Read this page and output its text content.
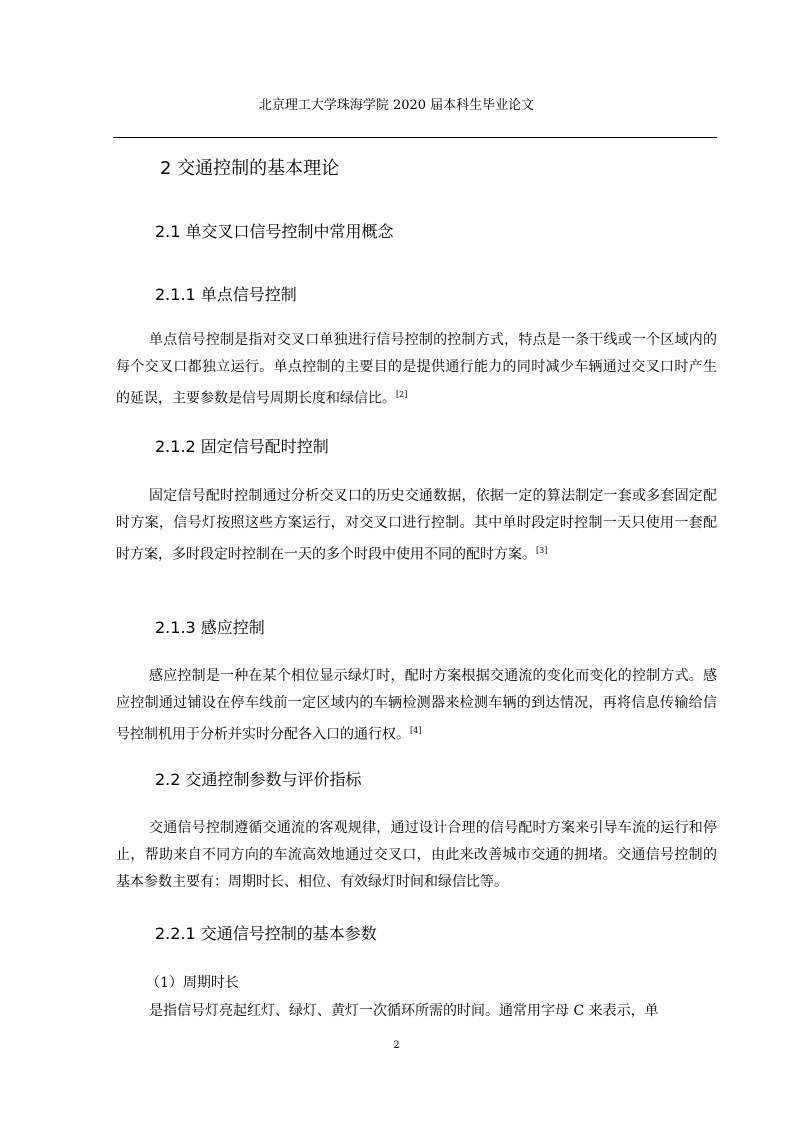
北京理工大学珠海学院 2020 届本科生毕业论文
2 交通控制的基本理论
2.1 单交叉口信号控制中常用概念
2.1.1 单点信号控制
单点信号控制是指对交叉口单独进行信号控制的控制方式，特点是一条干线或一个区域内的每个交叉口都独立运行。单点控制的主要目的是提供通行能力的同时减少车辆通过交叉口时产生的延误，主要参数是信号周期长度和绿信比。[2]
2.1.2 固定信号配时控制
固定信号配时控制通过分析交叉口的历史交通数据，依据一定的算法制定一套或多套固定配时方案，信号灯按照这些方案运行，对交叉口进行控制。其中单时段定时控制一天只使用一套配时方案，多时段定时控制在一天的多个时段中使用不同的配时方案。[3]
2.1.3 感应控制
感应控制是一种在某个相位显示绿灯时，配时方案根据交通流的变化而变化的控制方式。感应控制通过铺设在停车线前一定区域内的车辆检测器来检测车辆的到达情况，再将信息传输给信号控制机用于分析并实时分配各入口的通行权。[4]
2.2 交通控制参数与评价指标
交通信号控制遵循交通流的客观规律，通过设计合理的信号配时方案来引导车流的运行和停止，帮助来自不同方向的车流高效地通过交叉口，由此来改善城市交通的拥堵。交通信号控制的基本参数主要有：周期时长、相位、有效绿灯时间和绿信比等。
2.2.1 交通信号控制的基本参数
（1）周期时长
是指信号灯亮起红灯、绿灯、黄灯一次循环所需的时间。通常用字母 C 来表示，单
2
